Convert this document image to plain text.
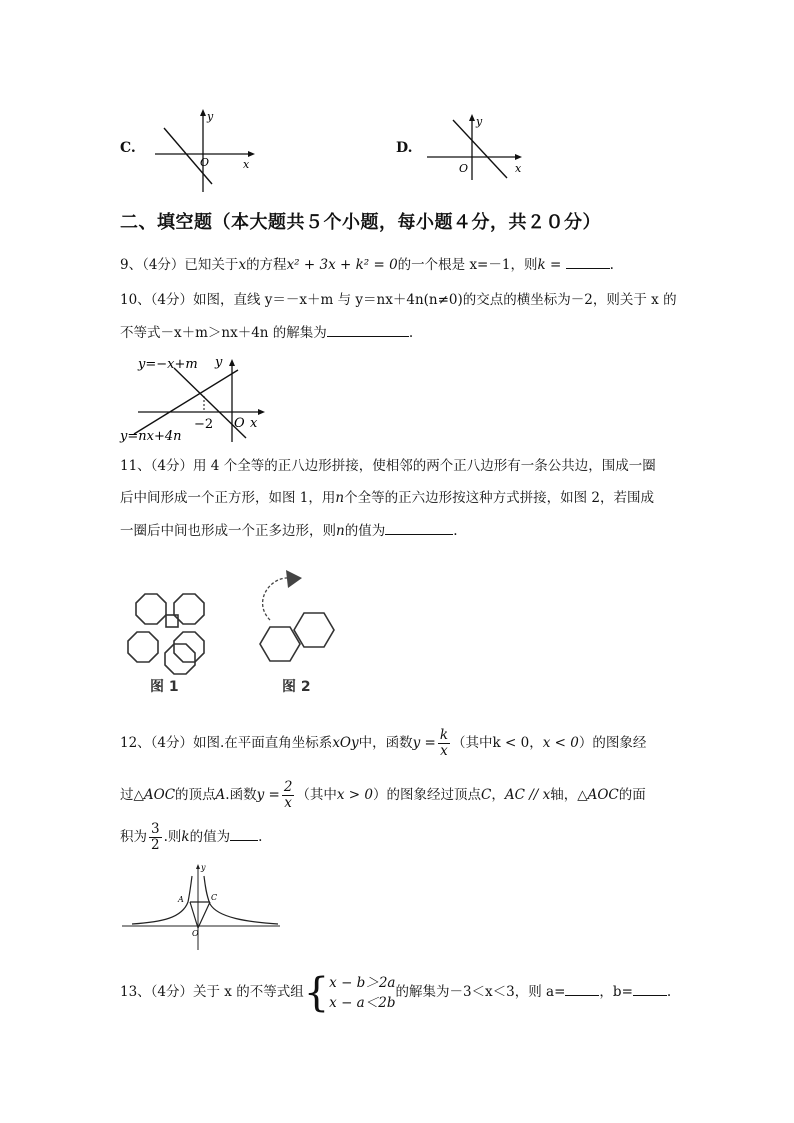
C.
y
x
O
D.
y
x
O
二、填空题（本大题共５个小题，每小题４分，共２０分）
9、（4分）已知关于x的方程x² + 3x + k² = 0的一个根是 x=－1，则k =	.
10、（4分）如图，直线 y＝－x＋m 与 y＝nx＋4n(n≠0)的交点的横坐标为－2，则关于 x 的
不等式－x＋m＞nx＋4n 的解集为	.
y=−x+m y
−2 O x
y=nx+4n
11、（4分）用 4 个全等的正八边形拼接，使相邻的两个正八边形有一条公共边，围成一圈
后中间形成一个正方形，如图 1，用n个全等的正六边形按这种方式拼接，如图 2，若围成
一圈后中间也形成一个正多边形，则n的值为	.
图 1	图 2
12、（4分）如图.在平面直角坐标系xOy中，函数$y = \frac{k}{x}$ （其中k < 0，x < 0）的图象经
过△AOC的顶点A.函数$y = \frac{2}{x}$ （其中x > 0）的图象经过顶点C，AC // x轴，△AOC的面
积为 $\frac{3}{2}$ .则k的值为 .
A	C
O
y
13、（4分）关于 x 的不等式组{ x − b＞2a
x − a＜2b
的解集为－3＜x＜3，则 a=	，b=	.
